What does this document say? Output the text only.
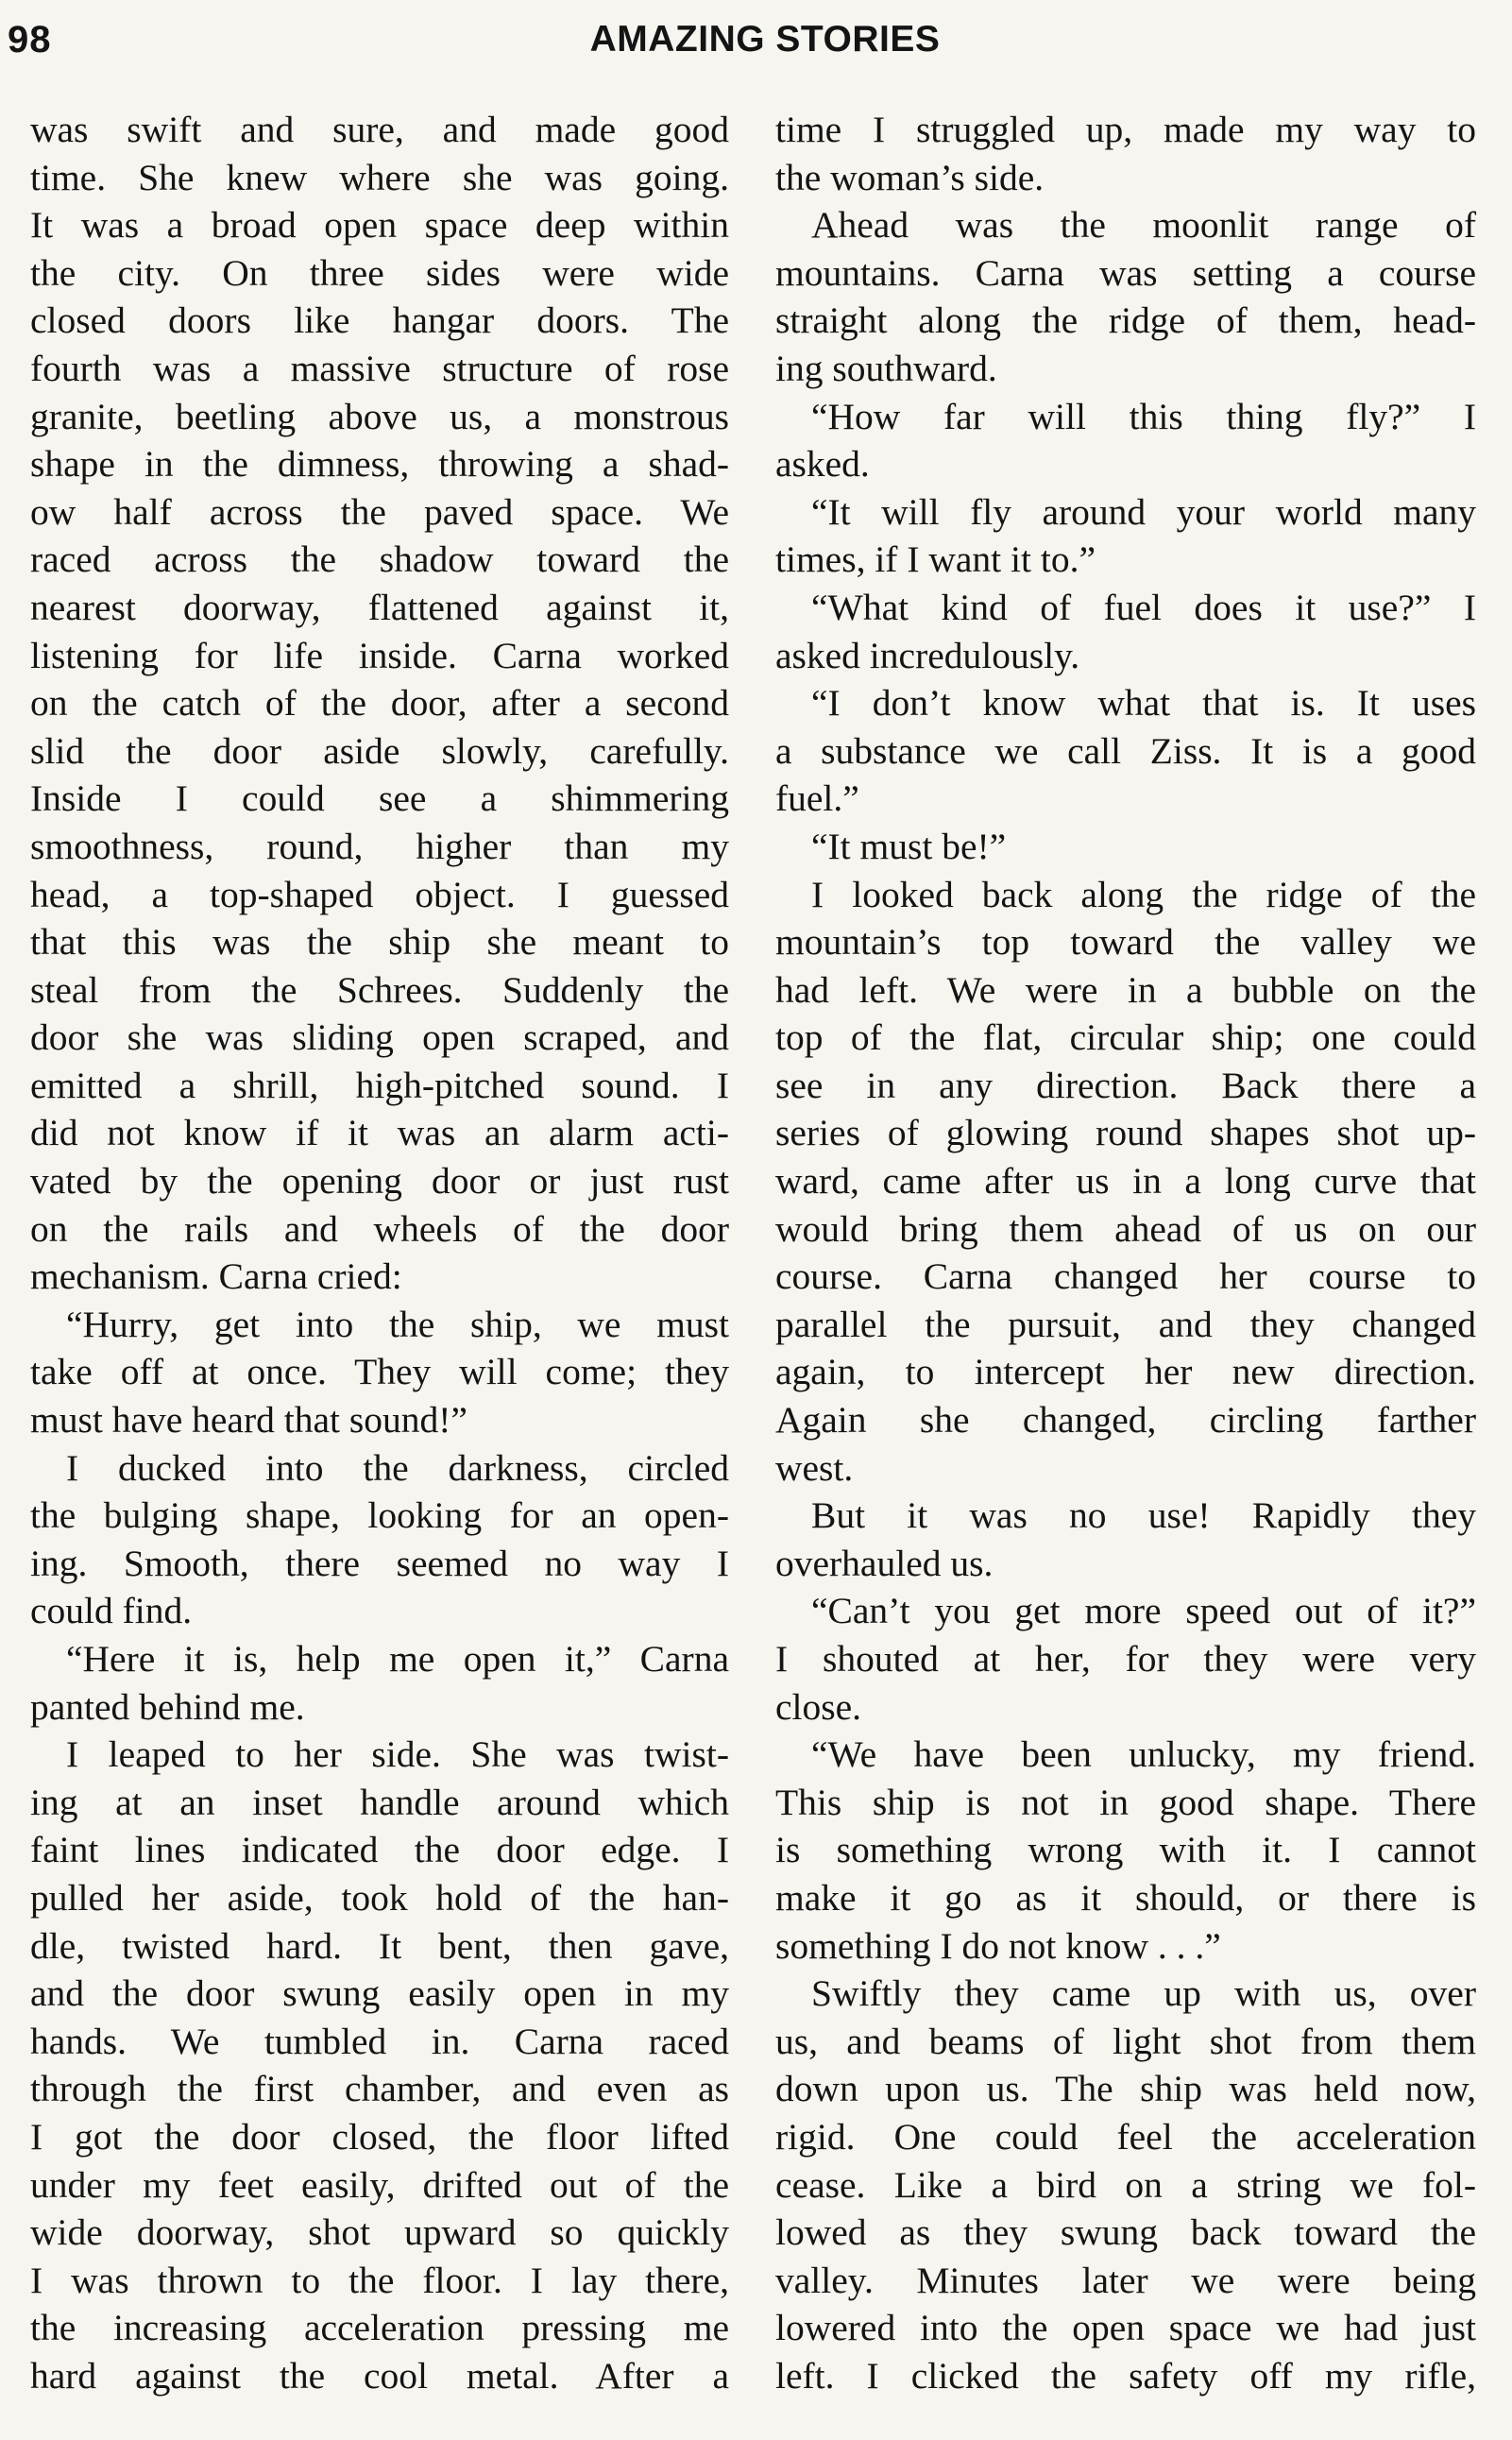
98	AMAZING STORIES
was swift and sure, and made good
time. She knew where she was going.
It was a broad open space deep within
the city. On three sides were wide
closed doors like hangar doors. The
fourth was a massive structure of rose
granite, beetling above us, a monstrous
shape in the dimness, throwing a shad-
ow half across the paved space. We
raced across the shadow toward the
nearest doorway, flattened against it,
listening for life inside. Carna worked
on the catch of the door, after a second
slid the door aside slowly, carefully.
Inside I could see a shimmering
smoothness, round, higher than my
head, a top-shaped object. I guessed
that this was the ship she meant to
steal from the Schrees. Suddenly the
door she was sliding open scraped, and
emitted a shrill, high-pitched sound. I
did not know if it was an alarm acti-
vated by the opening door or just rust
on the rails and wheels of the door
mechanism. Carna cried:
“Hurry, get into the ship, we must
take off at once. They will come; they
must have heard that sound!”
I ducked into the darkness, circled
the bulging shape, looking for an open-
ing. Smooth, there seemed no way I
could find.
“Here it is, help me open it,” Carna
panted behind me.
I leaped to her side. She was twist-
ing at an inset handle around which
faint lines indicated the door edge. I
pulled her aside, took hold of the han-
dle, twisted hard. It bent, then gave,
and the door swung easily open in my
hands. We tumbled in. Carna raced
through the first chamber, and even as
I got the door closed, the floor lifted
under my feet easily, drifted out of the
wide doorway, shot upward so quickly
I was thrown to the floor. I lay there,
the increasing acceleration pressing me
hard against the cool metal. After a
time I struggled up, made my way to
the woman’s side.
Ahead was the moonlit range of
mountains. Carna was setting a course
straight along the ridge of them, head-
ing southward.
“How far will this thing fly?” I
asked.
“It will fly around your world many
times, if I want it to.”
“What kind of fuel does it use?” I
asked incredulously.
“I don’t know what that is. It uses
a substance we call Ziss. It is a good
fuel.”
“It must be!”
I looked back along the ridge of the
mountain’s top toward the valley we
had left. We were in a bubble on the
top of the flat, circular ship; one could
see in any direction. Back there a
series of glowing round shapes shot up-
ward, came after us in a long curve that
would bring them ahead of us on our
course. Carna changed her course to
parallel the pursuit, and they changed
again, to intercept her new direction.
Again she changed, circling farther
west.
But it was no use! Rapidly they
overhauled us.
“Can’t you get more speed out of it?”
I shouted at her, for they were very
close.
“We have been unlucky, my friend.
This ship is not in good shape. There
is something wrong with it. I cannot
make it go as it should, or there is
something I do not know . . .”
Swiftly they came up with us, over
us, and beams of light shot from them
down upon us. The ship was held now,
rigid. One could feel the acceleration
cease. Like a bird on a string we fol-
lowed as they swung back toward the
valley. Minutes later we were being
lowered into the open space we had just
left. I clicked the safety off my rifle,
